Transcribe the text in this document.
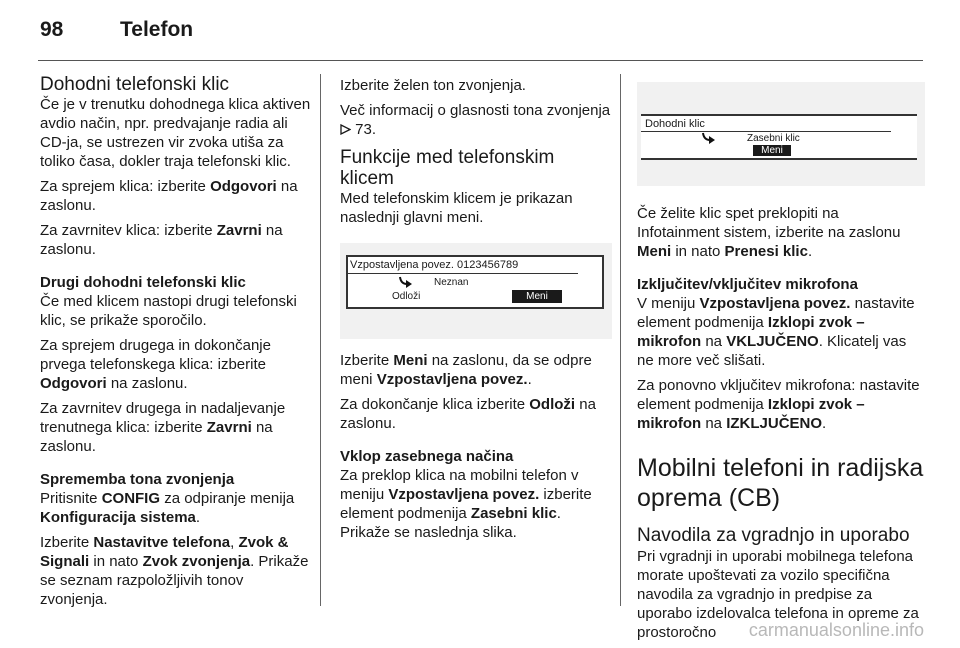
98	Telefon
Dohodni telefonski klic

Če je v trenutku dohodnega klica aktiven avdio način, npr. predvajanje radia ali CD-ja, se ustrezen vir zvoka utiša za toliko časa, dokler traja telefonski klic.

Za sprejem klica: izberite Odgovori na zaslonu.

Za zavrnitev klica: izberite Zavrni na zaslonu.

Drugi dohodni telefonski klic

Če med klicem nastopi drugi telefonski klic, se prikaže sporočilo.

Za sprejem drugega in dokončanje prvega telefonskega klica: izberite Odgovori na zaslonu.

Za zavrnitev drugega in nadaljevanje trenutnega klica: izberite Zavrni na zaslonu.

Sprememba tona zvonjenja

Pritisnite CONFIG za odpiranje menija Konfiguracija sistema.

Izberite Nastavitve telefona, Zvok & Signali in nato Zvok zvonjenja. Prikaže se seznam razpoložljivih tonov zvonjenja.

Izberite želen ton zvonjenja.

Več informacij o glasnosti tona zvonjenja  73.

Funkcije med telefonskim klicem

Med telefonskim klicem je prikazan naslednji glavni meni.

Vzpostavljena povez. 0123456789
Neznan
Odloži	Meni

Izberite Meni na zaslonu, da se odpre meni Vzpostavljena povez..

Za dokončanje klica izberite Odloži na zaslonu.

Vklop zasebnega načina

Za preklop klica na mobilni telefon v meniju Vzpostavljena povez. izberite element podmenija Zasebni klic. Prikaže se naslednja slika.

Dohodni klic
Zasebni klic
Meni

Če želite klic spet preklopiti na Infotainment sistem, izberite na zaslonu Meni in nato Prenesi klic.

Izključitev/vključitev mikrofona

V meniju Vzpostavljena povez. nastavite element podmenija Izklopi zvok – mikrofon na VKLJUČENO. Klicatelj vas ne more več slišati.

Za ponovno vključitev mikrofona: nastavite element podmenija Izklopi zvok – mikrofon na IZKLJUČENO.

Mobilni telefoni in radijska oprema (CB)
Navodila za vgradnjo in uporabo

Pri vgradnji in uporabi mobilnega telefona morate upoštevati za vozilo specifična navodila za vgradnjo in predpise za uporabo izdelovalca telefona in opreme za prostoročno	carmanualsonline.info
